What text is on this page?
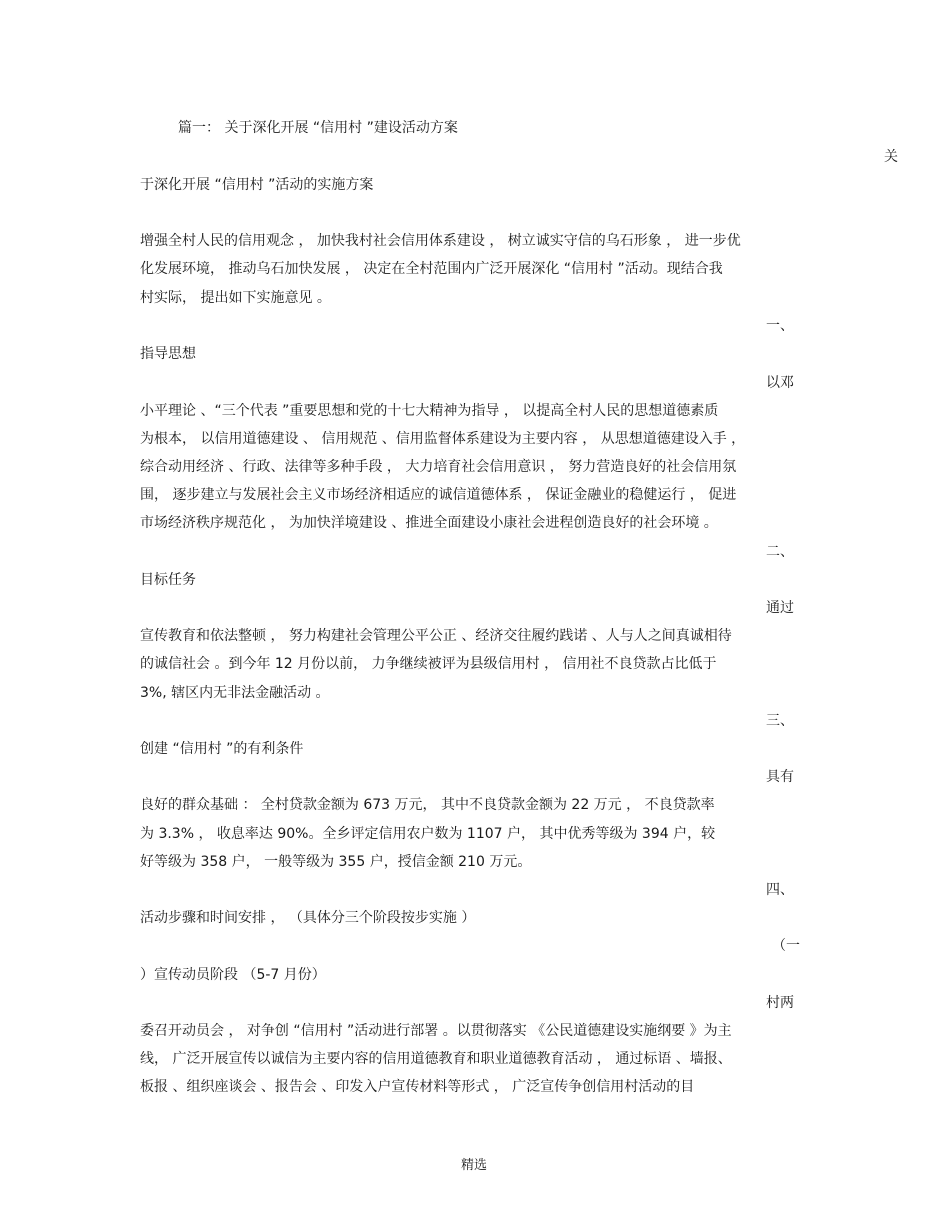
篇一： 关于深化开展 “信用村 ”建设活动方案
关
于深化开展 “信用村 ”活动的实施方案
增强全村人民的信用观念 ， 加快我村社会信用体系建设 ， 树立诚实守信的乌石形象 ， 进一步优
化发展环境， 推动乌石加快发展 ， 决定在全村范围内广泛开展深化 “信用村 ”活动。现结合我
村实际， 提出如下实施意见 。
一、
指导思想
以邓
小平理论 、“三个代表 ”重要思想和党的十七大精神为指导 ， 以提高全村人民的思想道德素质
为根本， 以信用道德建设 、 信用规范 、信用监督体系建设为主要内容 ， 从思想道德建设入手 ，
综合动用经济 、行政、法律等多种手段 ， 大力培育社会信用意识 ， 努力营造良好的社会信用氛
围， 逐步建立与发展社会主义市场经济相适应的诚信道德体系 ， 保证金融业的稳健运行 ， 促进
市场经济秩序规范化 ， 为加快洋境建设 、推进全面建设小康社会进程创造良好的社会环境 。
二、
目标任务
通过
宣传教育和依法整顿 ， 努力构建社会管理公平公正 、经济交往履约践诺 、人与人之间真诚相待
的诚信社会 。到今年 12 月份以前， 力争继续被评为县级信用村 ， 信用社不良贷款占比低于
3%, 辖区内无非法金融活动 。
三、
创建 “信用村 ”的有利条件
具有
良好的群众基础 ： 全村贷款金额为 673 万元， 其中不良贷款金额为 22 万元 ， 不良贷款率
为 3.3% ， 收息率达 90%。全乡评定信用农户数为 1107 户， 其中优秀等级为 394 户，较
好等级为 358 户， 一般等级为 355 户，授信金额 210 万元。
四、
活动步骤和时间安排 ， （具体分三个阶段按步实施 ）
（一
）宣传动员阶段 （5-7 月份）
村两
委召开动员会 ， 对争创 “信用村 ”活动进行部署 。以贯彻落实 《公民道德建设实施纲要 》为主
线， 广泛开展宣传以诚信为主要内容的信用道德教育和职业道德教育活动 ， 通过标语 、墙报、
板报 、组织座谈会 、报告会 、印发入户宣传材料等形式 ， 广泛宣传争创信用村活动的目
精选
